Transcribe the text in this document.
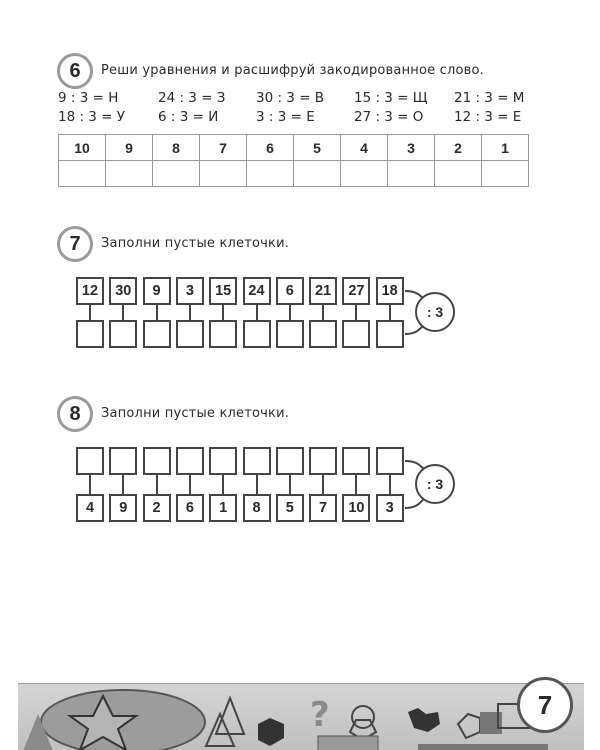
6	Реши уравнения и расшифруй закодированное слово.
9 : 3 = Н	24 : 3 = З	30 : 3 = В	15 : 3 = Щ	21 : 3 = М
18 : 3 = У	6 : 3 = И	3 : 3 = Е	27 : 3 = О	12 : 3 = Е
10	9	8	7	6	5	4	3	2	1

7	Заполни пустые клеточки.
12	30	9	3	15	24	6	21	27	18
: 3
8	Заполни пустые клеточки.
4	9	2	6	1	8	5	7	10	3
: 3
?	7
